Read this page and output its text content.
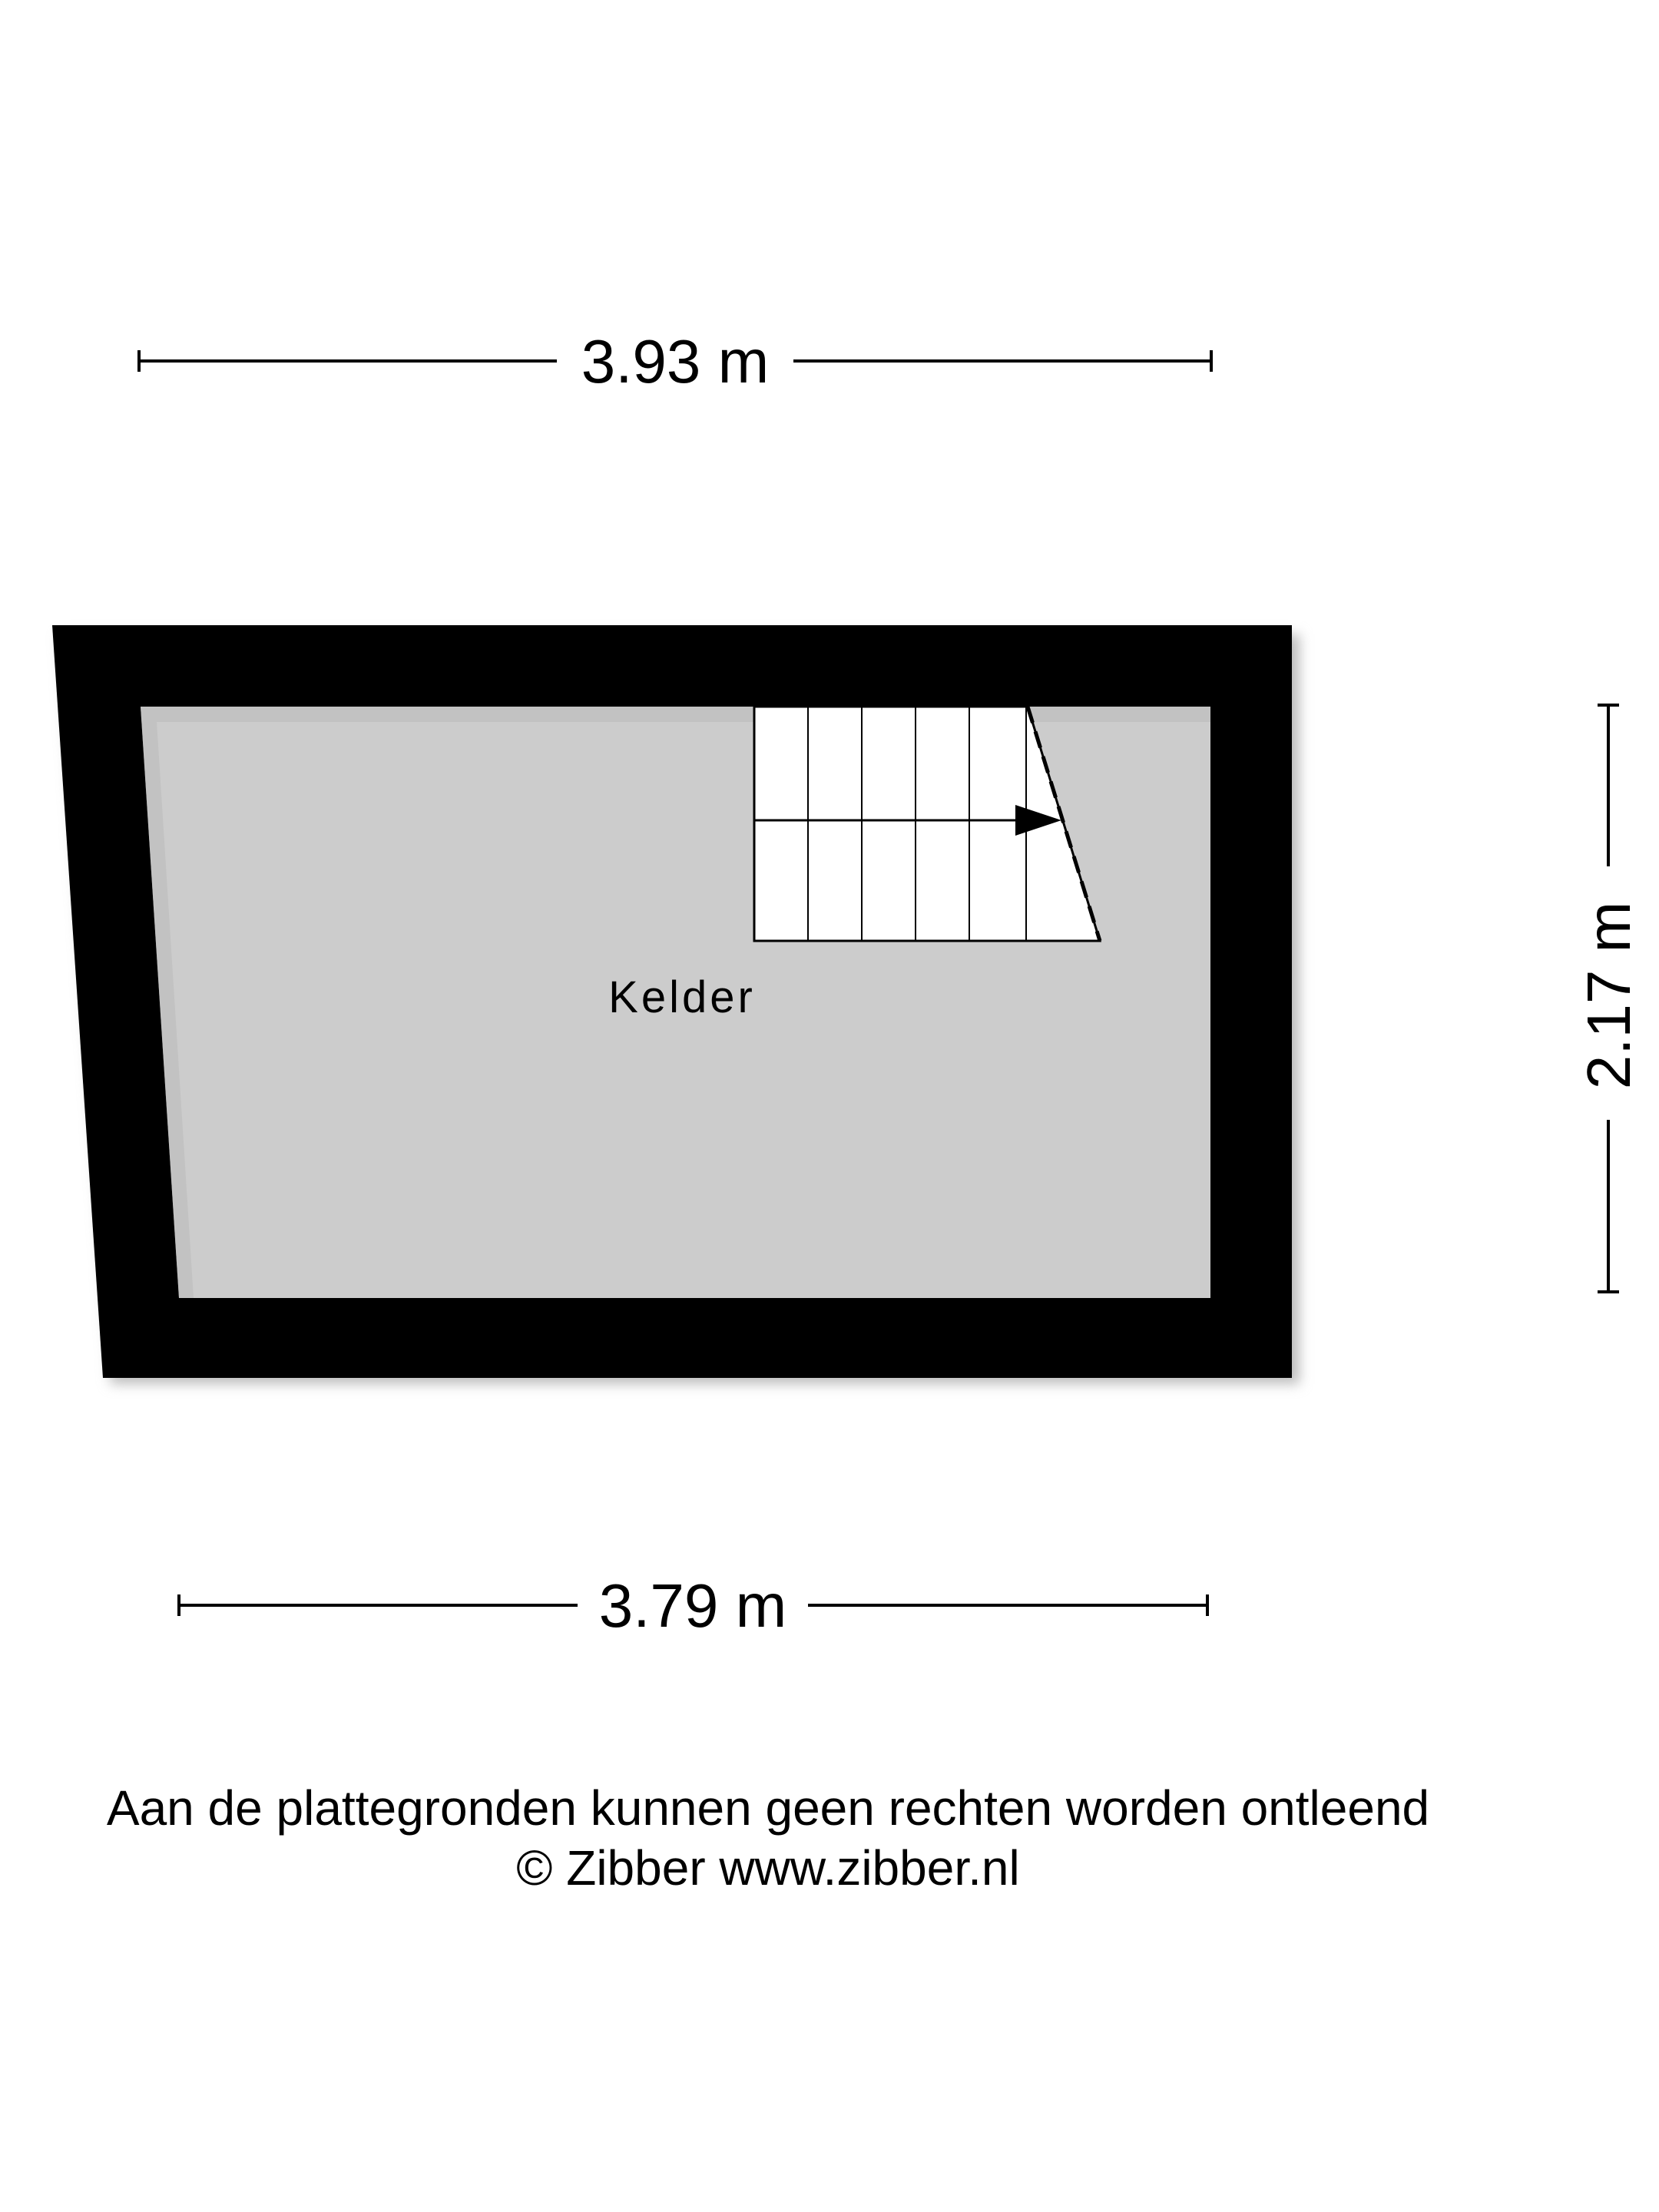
3.93 m
Kelder	2.17 m
3.79 m
Aan de plattegronden kunnen geen rechten worden ontleend
© Zibber www.zibber.nl
